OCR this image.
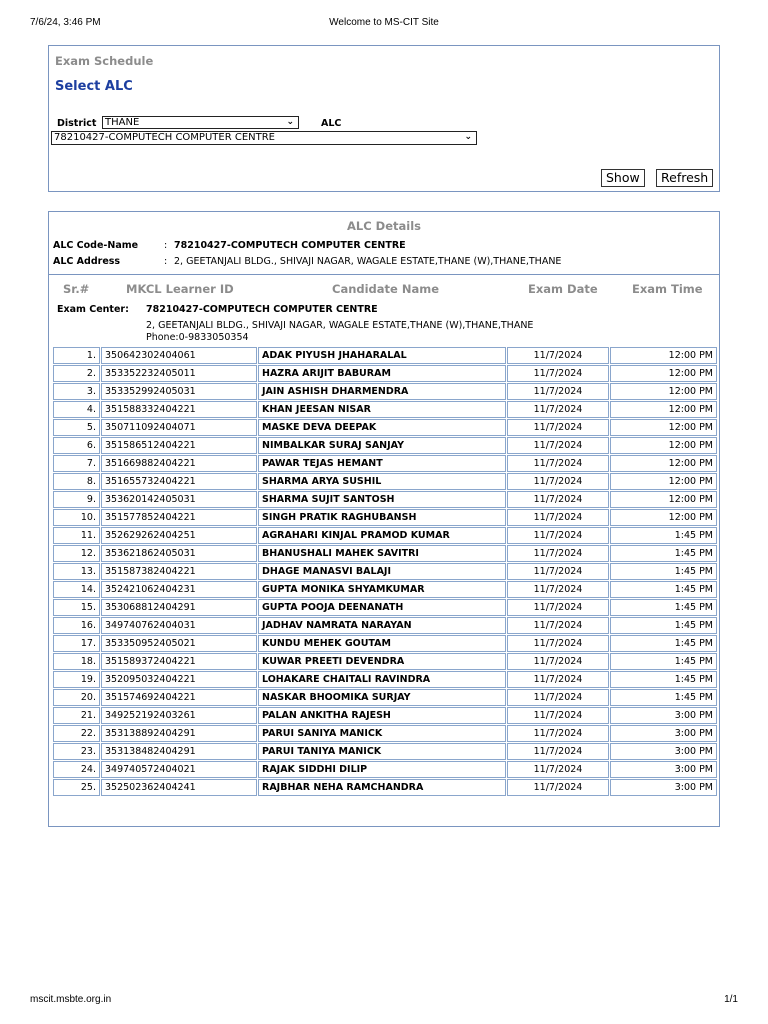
7/6/24, 3:46 PM	Welcome to MS-CIT Site
Exam Schedule
Select ALC
District THANE	⌄	ALC
78210427-COMPUTECH COMPUTER CENTRE	⌄
Show	Refresh
ALC Details
ALC Code-Name	: 78210427-COMPUTECH COMPUTER CENTRE
ALC Address	: 2, GEETANJALI BLDG., SHIVAJI NAGAR, WAGALE ESTATE,THANE (W),THANE,THANE
Sr.#	MKCL Learner ID	Candidate Name	Exam Date	Exam Time
Exam Center: 78210427-COMPUTECH COMPUTER CENTRE
2, GEETANJALI BLDG., SHIVAJI NAGAR, WAGALE ESTATE,THANE (W),THANE,THANE
Phone:0-9833050354
1.	350642302404061	ADAK PIYUSH JHAHARALAL	11/7/2024	12:00 PM
2.	353352232405011	HAZRA ARIJIT BABURAM	11/7/2024	12:00 PM
3.	353352992405031	JAIN ASHISH DHARMENDRA	11/7/2024	12:00 PM
4.	351588332404221	KHAN JEESAN NISAR	11/7/2024	12:00 PM
5.	350711092404071	MASKE DEVA DEEPAK	11/7/2024	12:00 PM
6.	351586512404221	NIMBALKAR SURAJ SANJAY	11/7/2024	12:00 PM
7.	351669882404221	PAWAR TEJAS HEMANT	11/7/2024	12:00 PM
8.	351655732404221	SHARMA ARYA SUSHIL	11/7/2024	12:00 PM
9.	353620142405031	SHARMA SUJIT SANTOSH	11/7/2024	12:00 PM
10.	351577852404221	SINGH PRATIK RAGHUBANSH	11/7/2024	12:00 PM
11.	352629262404251	AGRAHARI KINJAL PRAMOD KUMAR	11/7/2024	1:45 PM
12.	353621862405031	BHANUSHALI MAHEK SAVITRI	11/7/2024	1:45 PM
13.	351587382404221	DHAGE MANASVI BALAJI	11/7/2024	1:45 PM
14.	352421062404231	GUPTA MONIKA SHYAMKUMAR	11/7/2024	1:45 PM
15.	353068812404291	GUPTA POOJA DEENANATH	11/7/2024	1:45 PM
16.	349740762404031	JADHAV NAMRATA NARAYAN	11/7/2024	1:45 PM
17.	353350952405021	KUNDU MEHEK GOUTAM	11/7/2024	1:45 PM
18.	351589372404221	KUWAR PREETI DEVENDRA	11/7/2024	1:45 PM
19.	352095032404221	LOHAKARE CHAITALI RAVINDRA	11/7/2024	1:45 PM
20.	351574692404221	NASKAR BHOOMIKA SURJAY	11/7/2024	1:45 PM
21.	349252192403261	PALAN ANKITHA RAJESH	11/7/2024	3:00 PM
22.	353138892404291	PARUI SANIYA MANICK	11/7/2024	3:00 PM
23.	353138482404291	PARUI TANIYA MANICK	11/7/2024	3:00 PM
24.	349740572404021	RAJAK SIDDHI DILIP	11/7/2024	3:00 PM
25.	352502362404241	RAJBHAR NEHA RAMCHANDRA	11/7/2024	3:00 PM
mscit.msbte.org.in	1/1
